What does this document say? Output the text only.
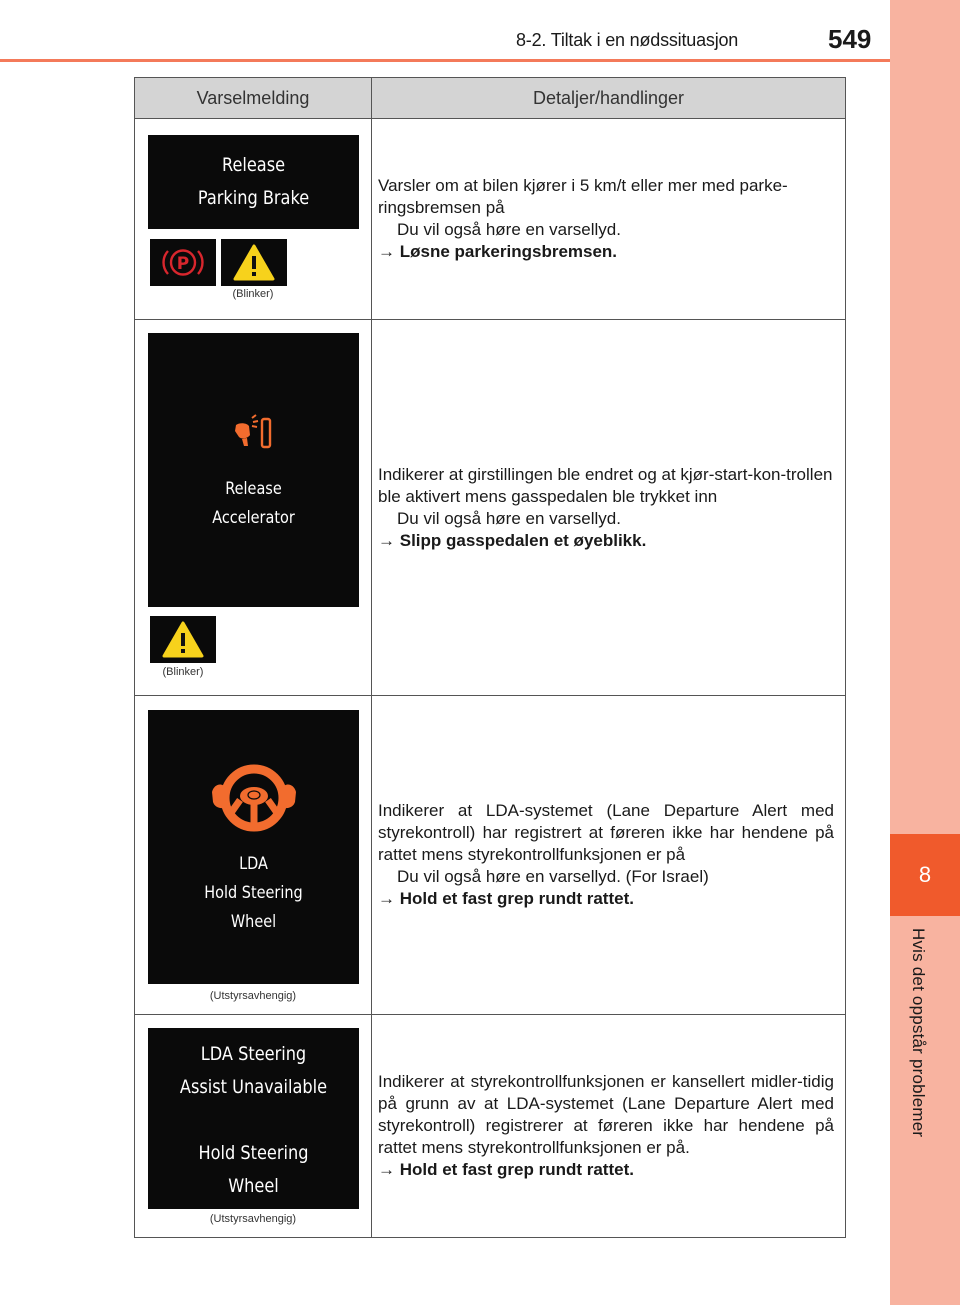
8-2. Tiltak i en nødssituasjon	549
8
Hvis det oppstår problemer
Varselmelding	Detaljer/handlinger
Release
Parking Brake
P
(Blinker)
Varsler om at bilen kjører i 5 km/t eller mer med parke-ringsbremsen på
Du vil også høre en varsellyd.
→ Løsne parkeringsbremsen.
Release
Accelerator
(Blinker)
Indikerer at girstillingen ble endret og at kjør-start-kon-trollen ble aktivert mens gasspedalen ble trykket inn
Du vil også høre en varsellyd.
→ Slipp gasspedalen et øyeblikk.
LDA
Hold Steering
Wheel
(Utstyrsavhengig)
Indikerer at LDA-systemet (Lane Departure Alert med styrekontroll) har registrert at føreren ikke har hendene på rattet mens styrekontrollfunksjonen er på
Du vil også høre en varsellyd. (For Israel)
→ Hold et fast grep rundt rattet.
LDA Steering
Assist Unavailable
Hold Steering
Wheel
(Utstyrsavhengig)
Indikerer at styrekontrollfunksjonen er kansellert midler-tidig på grunn av at LDA-systemet (Lane Departure Alert med styrekontroll) registrerer at føreren ikke har hendene på rattet mens styrekontrollfunksjonen er på.
→ Hold et fast grep rundt rattet.
